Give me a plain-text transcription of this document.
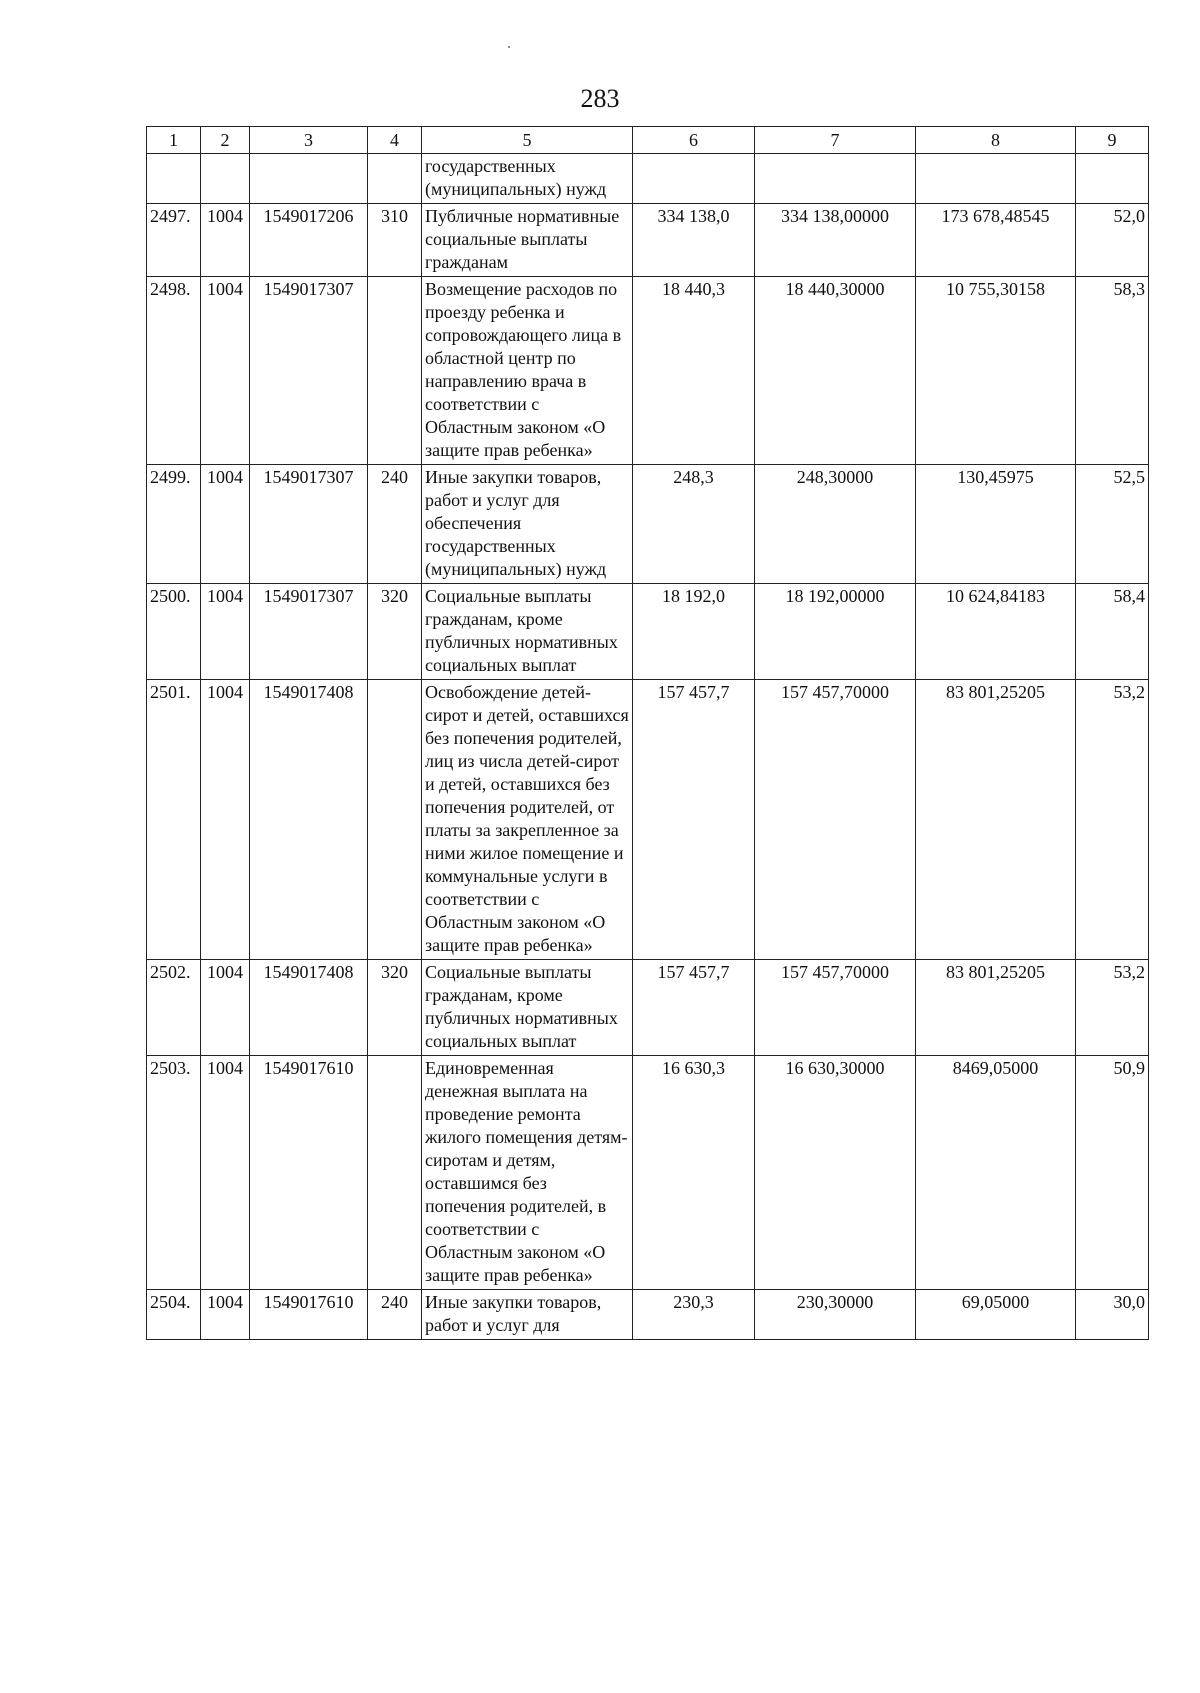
283
1	2	3	4	5	6	7	8	9
				государственных (муниципальных) нужд				
2497.	1004	1549017206	310	Публичные нормативные социальные выплаты гражданам	334 138,0	334 138,00000	173 678,48545	52,0
2498.	1004	1549017307		Возмещение расходов по проезду ребенка и сопровождающего лица в областной центр по направлению врача в соответствии с Областным законом «О защите прав ребенка»	18 440,3	18 440,30000	10 755,30158	58,3
2499.	1004	1549017307	240	Иные закупки товаров, работ и услуг для обеспечения государственных (муниципальных) нужд	248,3	248,30000	130,45975	52,5
2500.	1004	1549017307	320	Социальные выплаты гражданам, кроме публичных нормативных социальных выплат	18 192,0	18 192,00000	10 624,84183	58,4
2501.	1004	1549017408		Освобождение детей-сирот и детей, оставшихся без попечения родителей, лиц из числа детей-сирот и детей, оставшихся без попечения родителей, от платы за закрепленное за ними жилое помещение и коммунальные услуги в соответствии с Областным законом «О защите прав ребенка»	157 457,7	157 457,70000	83 801,25205	53,2
2502.	1004	1549017408	320	Социальные выплаты гражданам, кроме публичных нормативных социальных выплат	157 457,7	157 457,70000	83 801,25205	53,2
2503.	1004	1549017610		Единовременная денежная выплата на проведение ремонта жилого помещения детям-сиротам и детям, оставшимся без попечения родителей, в соответствии с Областным законом «О защите прав ребенка»	16 630,3	16 630,30000	8469,05000	50,9
2504.	1004	1549017610	240	Иные закупки товаров, работ и услуг для	230,3	230,30000	69,05000	30,0
